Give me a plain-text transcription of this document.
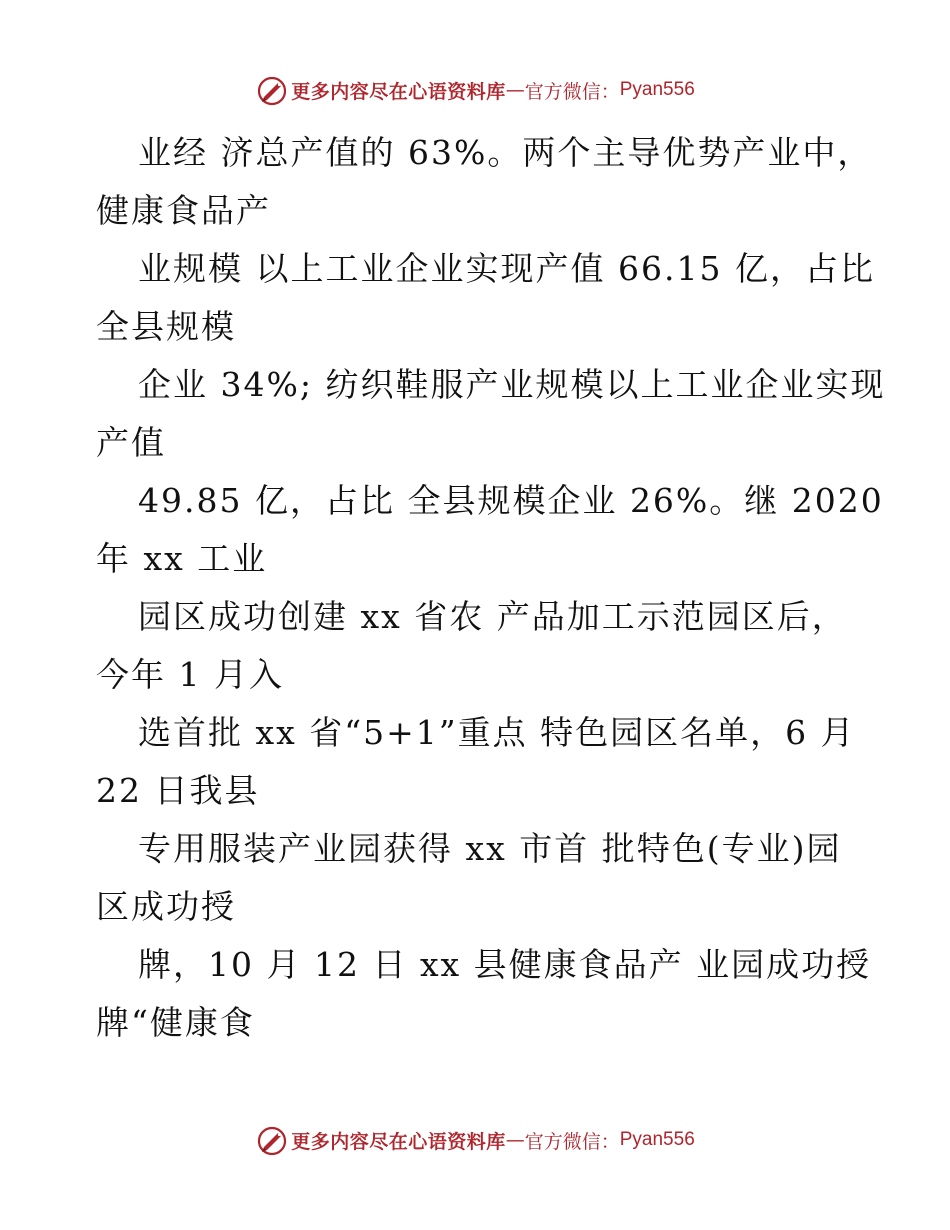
更多内容尽在心语资料库 — 官方微信： Pyan556
业经 济总产值的 63%。两个主导优势产业中，
健康食品产
业规模 以上工业企业实现产值 66.15 亿，占比
全县规模
企业 34%; 纺织鞋服产业规模以上工业企业实现
产值
49.85 亿，占比 全县规模企业 26%。继 2020
年 xx 工业
园区成功创建 xx 省农 产品加工示范园区后，
今年 1 月入
选首批 xx 省“5+1”重点 特色园区名单，6 月
22 日我县
专用服装产业园获得 xx 市首 批特色(专业)园
区成功授
牌，10 月 12 日 xx 县健康食品产 业园成功授
牌“健康食
更多内容尽在心语资料库 — 官方微信： Pyan556
